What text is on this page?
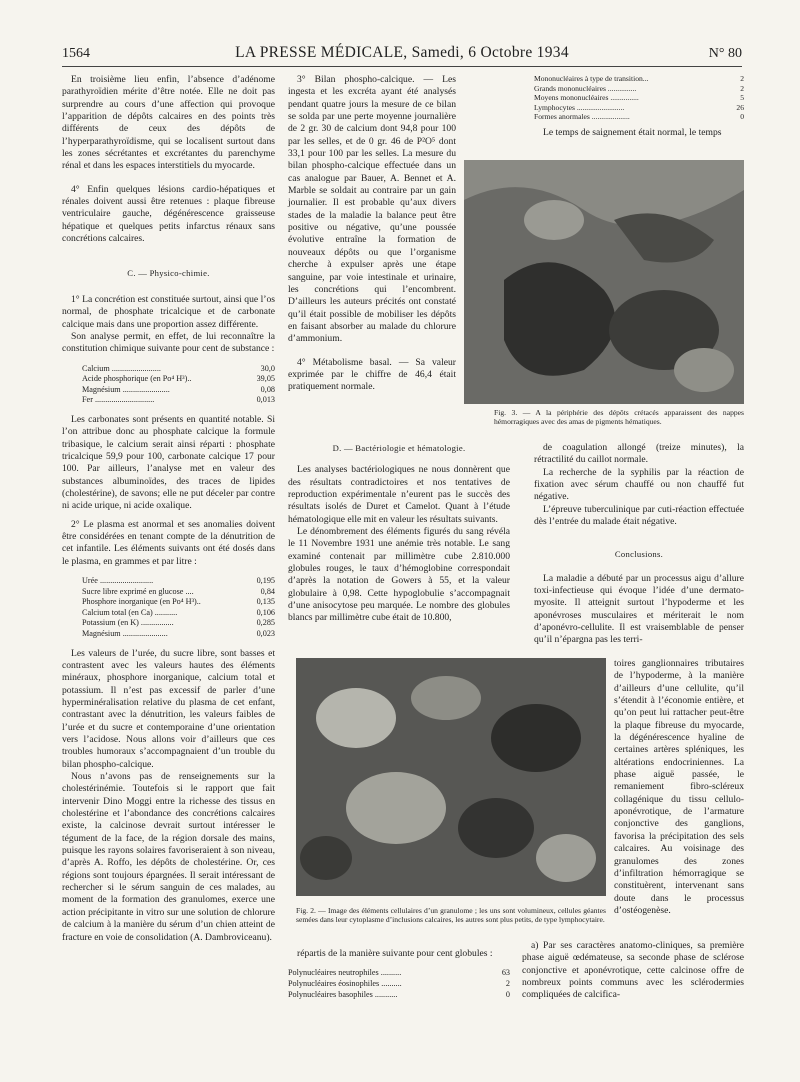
1564	LA PRESSE MÉDICALE, Samedi, 6 Octobre 1934	N° 80

En troisième lieu enfin, l’absence d’adénome parathyroïdien mérite d’être notée. Elle ne doit pas surprendre au cours d’une affection qui provoque l’apparition de dépôts calcaires en des points très différents de ceux des dépôts de l’hyperparathyroïdisme, qui se localisent surtout dans les zones sécrétantes et excrétantes du parenchyme rénal et dans les espaces interstitiels du myocarde.

4° Enfin quelques lésions cardio-hépatiques et rénales doivent aussi être retenues : plaque fibreuse ventriculaire gauche, dégénérescence graisseuse hépatique et quelques petits infarctus rénaux sans concrétions calcaires.

C. — Physico-chimie.

1° La concrétion est constituée surtout, ainsi que l’os normal, de phosphate tricalcique et de carbonate calcique mais dans une proportion assez différente.

Son analyse permit, en effet, de lui reconnaître la constitution chimique suivante pour cent de substance :

Calcium ........................	30,0
Acide phosphorique (en Po⁴ H³)..	39,05
Magnésium .......................	0,08
Fer .............................	0,013

Les carbonates sont présents en quantité notable. Si l’on attribue donc au phosphate calcique la formule tribasique, le calcium serait ainsi réparti : phosphate tricalcique 59,9 pour 100, carbonate calcique 17 pour 100. Par ailleurs, l’analyse met en valeur des substances albuminoïdes, des traces de lipides (cholestérine), de savons; elle ne put déceler par contre ni acide urique, ni acide oxalique.

2° Le plasma est anormal et ses anomalies doivent être considérées en tenant compte de la dénutrition de cet infantile. Les éléments suivants ont été dosés dans le plasma, en grammes et par litre :

Urée ..........................	0,195
Sucre libre exprimé en glucose ....	0,84
Phosphore inorganique (en Po⁴ H³)..	0,135
Calcium total (en Ca) ...........	0,106
Potassium (en K) ................	0,285
Magnésium ......................	0,023

Les valeurs de l’urée, du sucre libre, sont basses et contrastent avec les valeurs hautes des éléments minéraux, phosphore inorganique, calcium total et potassium. Il n’est pas excessif de parler d’une hyperminéralisation relative du plasma de cet enfant, contrastant avec la dénutrition, les valeurs faibles de l’urée et du sucre et contemporaine d’une orientation vers l’acidose. Nous allons voir d’ailleurs que ces troubles humoraux s’accompagnaient d’un trouble du bilan phospho-calcique.

Nous n’avons pas de renseignements sur la cholestérinémie. Toutefois si le rapport que fait intervenir Dino Moggi entre la richesse des tissus en cholestérine et l’abondance des concrétions calcaires existe, la calcinose devrait surtout intéresser le tégument de la face, de la région dorsale des mains, puisque les rayons solaires favoriseraient à son niveau, d’après A. Roffo, les dépôts de cholestérine. Or, ces régions sont toujours épargnées. Il serait intéressant de rechercher si le sérum sanguin de ces malades, au moment de la formation des granulomes, exerce une action précipitante in vitro sur une solution de chlorure de calcium à la manière du sérum d’un chien atteint de fracture en voie de consolidation (A. Dambroviceanu).

3° Bilan phospho-calcique. — Les ingesta et les excréta ayant été analysés pendant quatre jours la mesure de ce bilan se solda par une perte moyenne journalière de 2 gr. 30 de calcium dont 94,8 pour 100 par les selles, et de 0 gr. 46 de P²O⁵ dont 33,1 pour 100 par les selles. La mesure du bilan phospho-calcique effectuée dans un cas analogue par Bauer, A. Bennet et A. Marble se soldait au contraire par un gain journalier. Il est probable qu’aux divers stades de la maladie la balance peut être positive ou négative, qu’une poussée évolutive entraîne la formation de nouveaux dépôts ou que l’organisme cherche à expulser après une étape sanguine, par voie intestinale et urinaire, les concrétions qui l’encombrent. D’ailleurs les auteurs précités ont constaté qu’il était possible de mobiliser les dépôts en faisant absorber au malade du chlorure d’ammonium.

4° Métabolisme basal. — Sa valeur exprimée par le chiffre de 46,4 était pratiquement normale.

Fig. 3. — A la périphérie des dépôts crétacés apparaissent des nappes hémorragiques avec des amas de pigments hématiques.
Mononucléaires à type de transition...	2
Grands mononucléaires ...............	2
Moyens mononucléaires ...............	5
Lymphocytes .........................	26
Formes anormales ....................	0

Le temps de saignement était normal, le temps

D. — Bactériologie et hématologie.

Les analyses bactériologiques ne nous donnèrent que des résultats contradictoires et nos tentatives de reproduction expérimentale n’eurent pas le succès des résultats isolés de Duret et Camelot. Quant à l’étude hématologique elle mit en valeur les résultats suivants.

Le dénombrement des éléments figurés du sang révéla le 11 Novembre 1931 une anémie très notable. Le sang examiné contenait par millimètre cube 2.810.000 globules rouges, le taux d’hémoglobine correspondait d’après la notation de Gowers à 55, et la valeur globulaire à 0,98. Cette hypoglobulie s’accompagnait d’une anisocytose peu marquée. Le nombre des globules blancs par millimètre cube était de 10.800,

Fig. 2. — Image des éléments cellulaires d’un granulome ; les uns sont volumineux, cellules géantes semées dans leur cytoplasme d’inclusions calcaires, les autres sont plus petits, de type lymphocytaire.

répartis de la manière suivante pour cent globules :

Polynucléaires neutrophiles ..........	63
Polynucléaires éosinophiles ..........	2
Polynucléaires basophiles ...........	0

de coagulation allongé (treize minutes), la rétractilité du caillot normale.

La recherche de la syphilis par la réaction de fixation avec sérum chauffé ou non chauffé fut négative.

L’épreuve tuberculinique par cuti-réaction effectuée dès l’entrée du malade était négative.

Conclusions.

La maladie a débuté par un processus aigu d’allure toxi-infectieuse qui évoque l’idée d’une dermato-myosite. Il atteignit surtout l’hypoderme et les aponévroses musculaires et mériterait le nom d’aponévro-cellulite. Il est vraisemblable de penser qu’il n’épargna pas les terri-

toires ganglionnaires tributaires de l’hypoderme, à la manière d’ailleurs d’une cellulite, qu’il s’étendit à l’économie entière, et qu’on peut lui rattacher peut-être la plaque fibreuse du myocarde, la dégénérescence hyaline de certaines artères spléniques, les altérations endocriniennes. La phase aiguë passée, le remaniement fibro-scléreux collagénique du tissu cellulo-aponévrotique, de l’armature conjonctive des ganglions, favorisa la précipitation des sels calcaires. Au voisinage des granulomes des zones d’infiltration hémorragique se constituèrent, intervenant sans doute dans le processus d’ostéogenèse.

a) Par ses caractères anatomo-cliniques, sa première phase aiguë œdémateuse, sa seconde phase de sclérose conjonctive et aponévrotique, cette calcinose offre de nombreux points communs avec les sclérodermies compliquées de calcifica-
